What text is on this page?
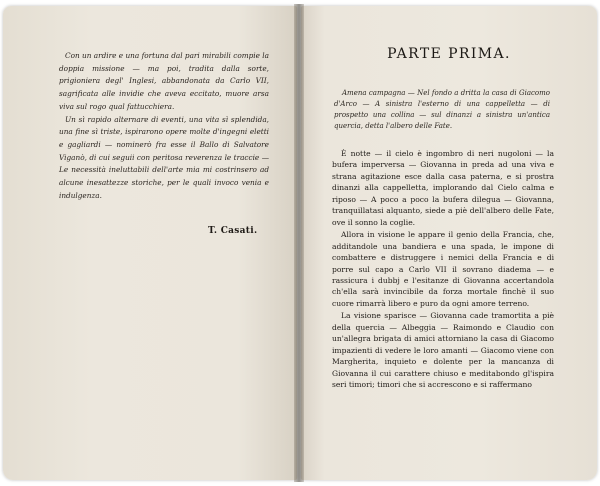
Con un ardire e una fortuna dal pari mirabili compie la doppia missione — ma poi, tradita dalla sorte, prigioniera degl' Inglesi, abbandonata da Carlo VII, sagrificata alle invidie che aveva eccitato, muore arsa viva sul rogo qual fattucchiera.

Un sì rapido alternare di eventi, una vita sì splendida, una fine sì triste, ispirarono opere molte d'ingegni eletti e gagliardi — nominerò fra esse il Ballo di Salvatore Viganò, di cui seguii con peritosa reverenza le traccie — Le necessità ineluttabili dell'arte mia mi costrinsero ad alcune inesattezze storiche, per le quali invoco venia e indulgenza.

T. Casati.
PARTE PRIMA.
Amena campagna — Nel fondo a dritta la casa di Giacomo d'Arco — A sinistra l'esterno di una cappelletta — di prospetto una collina — sul dinanzi a sinistra un'antica quercia, detta l'albero delle Fate.

È notte — il cielo è ingombro di neri nugoloni — la bufera imperversa — Giovanna in preda ad una viva e strana agitazione esce dalla casa paterna, e si prostra dinanzi alla cappelletta, implorando dal Cielo calma e riposo — A poco a poco la bufera dilegua — Giovanna, tranquillatasi alquanto, siede a piè dell'albero delle Fate, ove il sonno la coglie.

Allora in visione le appare il genio della Francia, che, additandole una bandiera e una spada, le impone di combattere e distruggere i nemici della Francia e di porre sul capo a Carlo VII il sovrano diadema — e rassicura i dubbj e l'esitanze di Giovanna accertandola ch'ella sarà invincibile da forza mortale finchè il suo cuore rimarrà libero e puro da ogni amore terreno.

La visione sparisce — Giovanna cade tramortita a piè della quercia — Albeggia — Raimondo e Claudio con un'allegra brigata di amici attorniano la casa di Giacomo impazienti di vedere le loro amanti — Giacomo viene con Margherita, inquieto e dolente per la mancanza di Giovanna il cui carattere chiuso e meditabondo gl'ispira seri timori; timori che si accrescono e si raffermano
